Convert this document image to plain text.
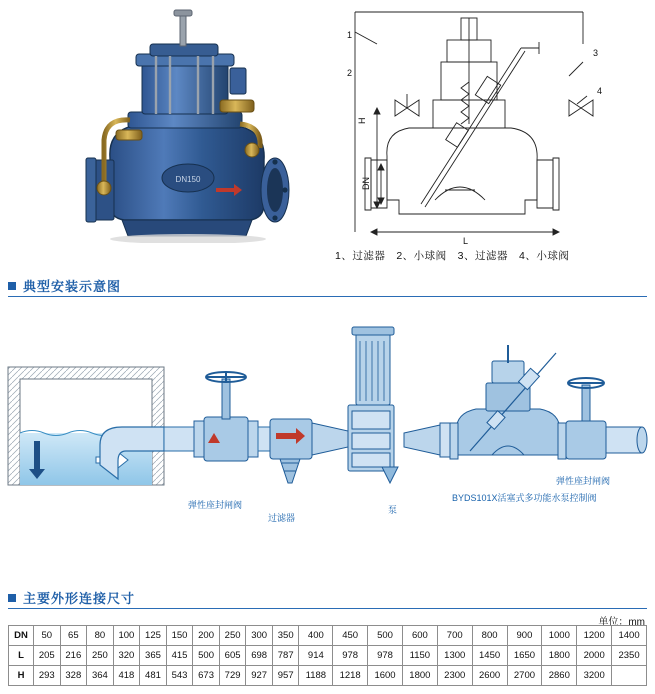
DN150
1
2
3
4
H
DN
L
1、过滤器　2、小球阀　3、过滤器　4、小球阀
典型安装示意图
弹性座封闸阀
过滤器
泵
BYDS101X活塞式多功能水泵控制阀
弹性座封闸阀
主要外形连接尺寸
单位：mm
DN	50	65	80	100	125	150	200	250	300	350	400	450	500	600	700	800	900	1000	1200	1400
L	205	216	250	320	365	415	500	605	698	787	914	978	978	1150	1300	1450	1650	1800	2000	2350
H	293	328	364	418	481	543	673	729	927	957	1188	1218	1600	1800	2300	2600	2700	2860	3200	
